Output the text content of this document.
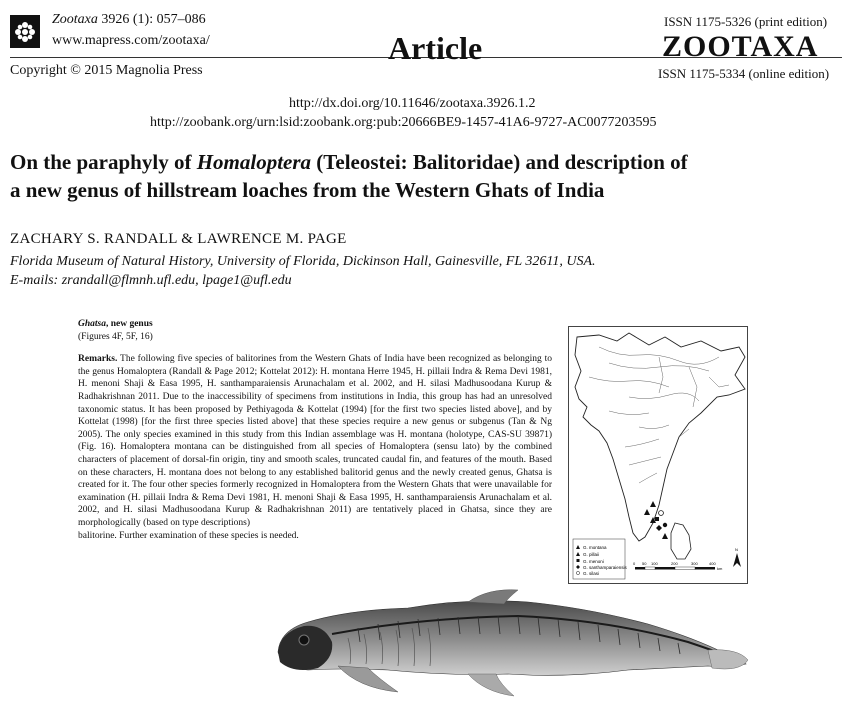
Zootaxa 3926 (1): 057–086
www.mapress.com/zootaxa/
Copyright © 2015 Magnolia Press
Article
ISSN 1175-5326 (print edition)
ZOOTAXA
ISSN 1175-5334 (online edition)
http://dx.doi.org/10.11646/zootaxa.3926.1.2
http://zoobank.org/urn:lsid:zoobank.org:pub:20666BE9-1457-41A6-9727-AC0077203595
On the paraphyly of Homaloptera (Teleostei: Balitoridae) and description of
a new genus of hillstream loaches from the Western Ghats of India
ZACHARY S. RANDALL & LAWRENCE M. PAGE
Florida Museum of Natural History, University of Florida, Dickinson Hall, Gainesville, FL 32611, USA.
E-mails: zrandall@flmnh.ufl.edu, lpage1@ufl.edu

Ghatsa, new genus

(Figures 4F, 5F, 16)

Remarks. The following five species of balitorines from the Western Ghats of India have been recognized as belonging to the genus Homaloptera (Randall & Page 2012; Kottelat 2012): H. montana Herre 1945, H. pillaii Indra & Rema Devi 1981, H. menoni Shaji & Easa 1995, H. santhamparaiensis Arunachalam et al. 2002, and H. silasi Madhusoodana Kurup & Radhakrishnan 2011. Due to the inaccessibility of specimens from institutions in India, this group has had an unresolved taxonomic status. It has been proposed by Pethiyagoda & Kottelat (1994) [for the first two species listed above], and by Kottelat (1998) [for the first three species listed above] that these species require a new genus or subgenus (Tan & Ng 2005). The only species examined in this study from this Indian assemblage was H. montana (holotype, CAS-SU 39871) (Fig. 16). Homaloptera montana can be distinguished from all species of Homaloptera (sensu lato) by the combined characters of placement of dorsal-fin origin, tiny and smooth scales, truncated caudal fin, and features of the mouth. Based on these characters, H. montana does not belong to any established balitorid genus and the newly created genus, Ghatsa is created for it. The four other species formerly recognized in Homaloptera from the Western Ghats that were unavailable for examination (H. pillaii Indra & Rema Devi 1981, H. menoni Shaji & Easa 1995, H. santhamparaiensis Arunachalam et al. 2002, and H. silasi Madhusoodana Kurup & Radhakrishnan 2011) are tentatively placed in Ghatsa, since they are morphologically (based on type descriptions)

balitorine. Further examination of these species is needed.

G. montana
G. pillaii
G. menoni
G. santhamparaiensis
G. silasi
0 50 100	200	300	400
km
N
